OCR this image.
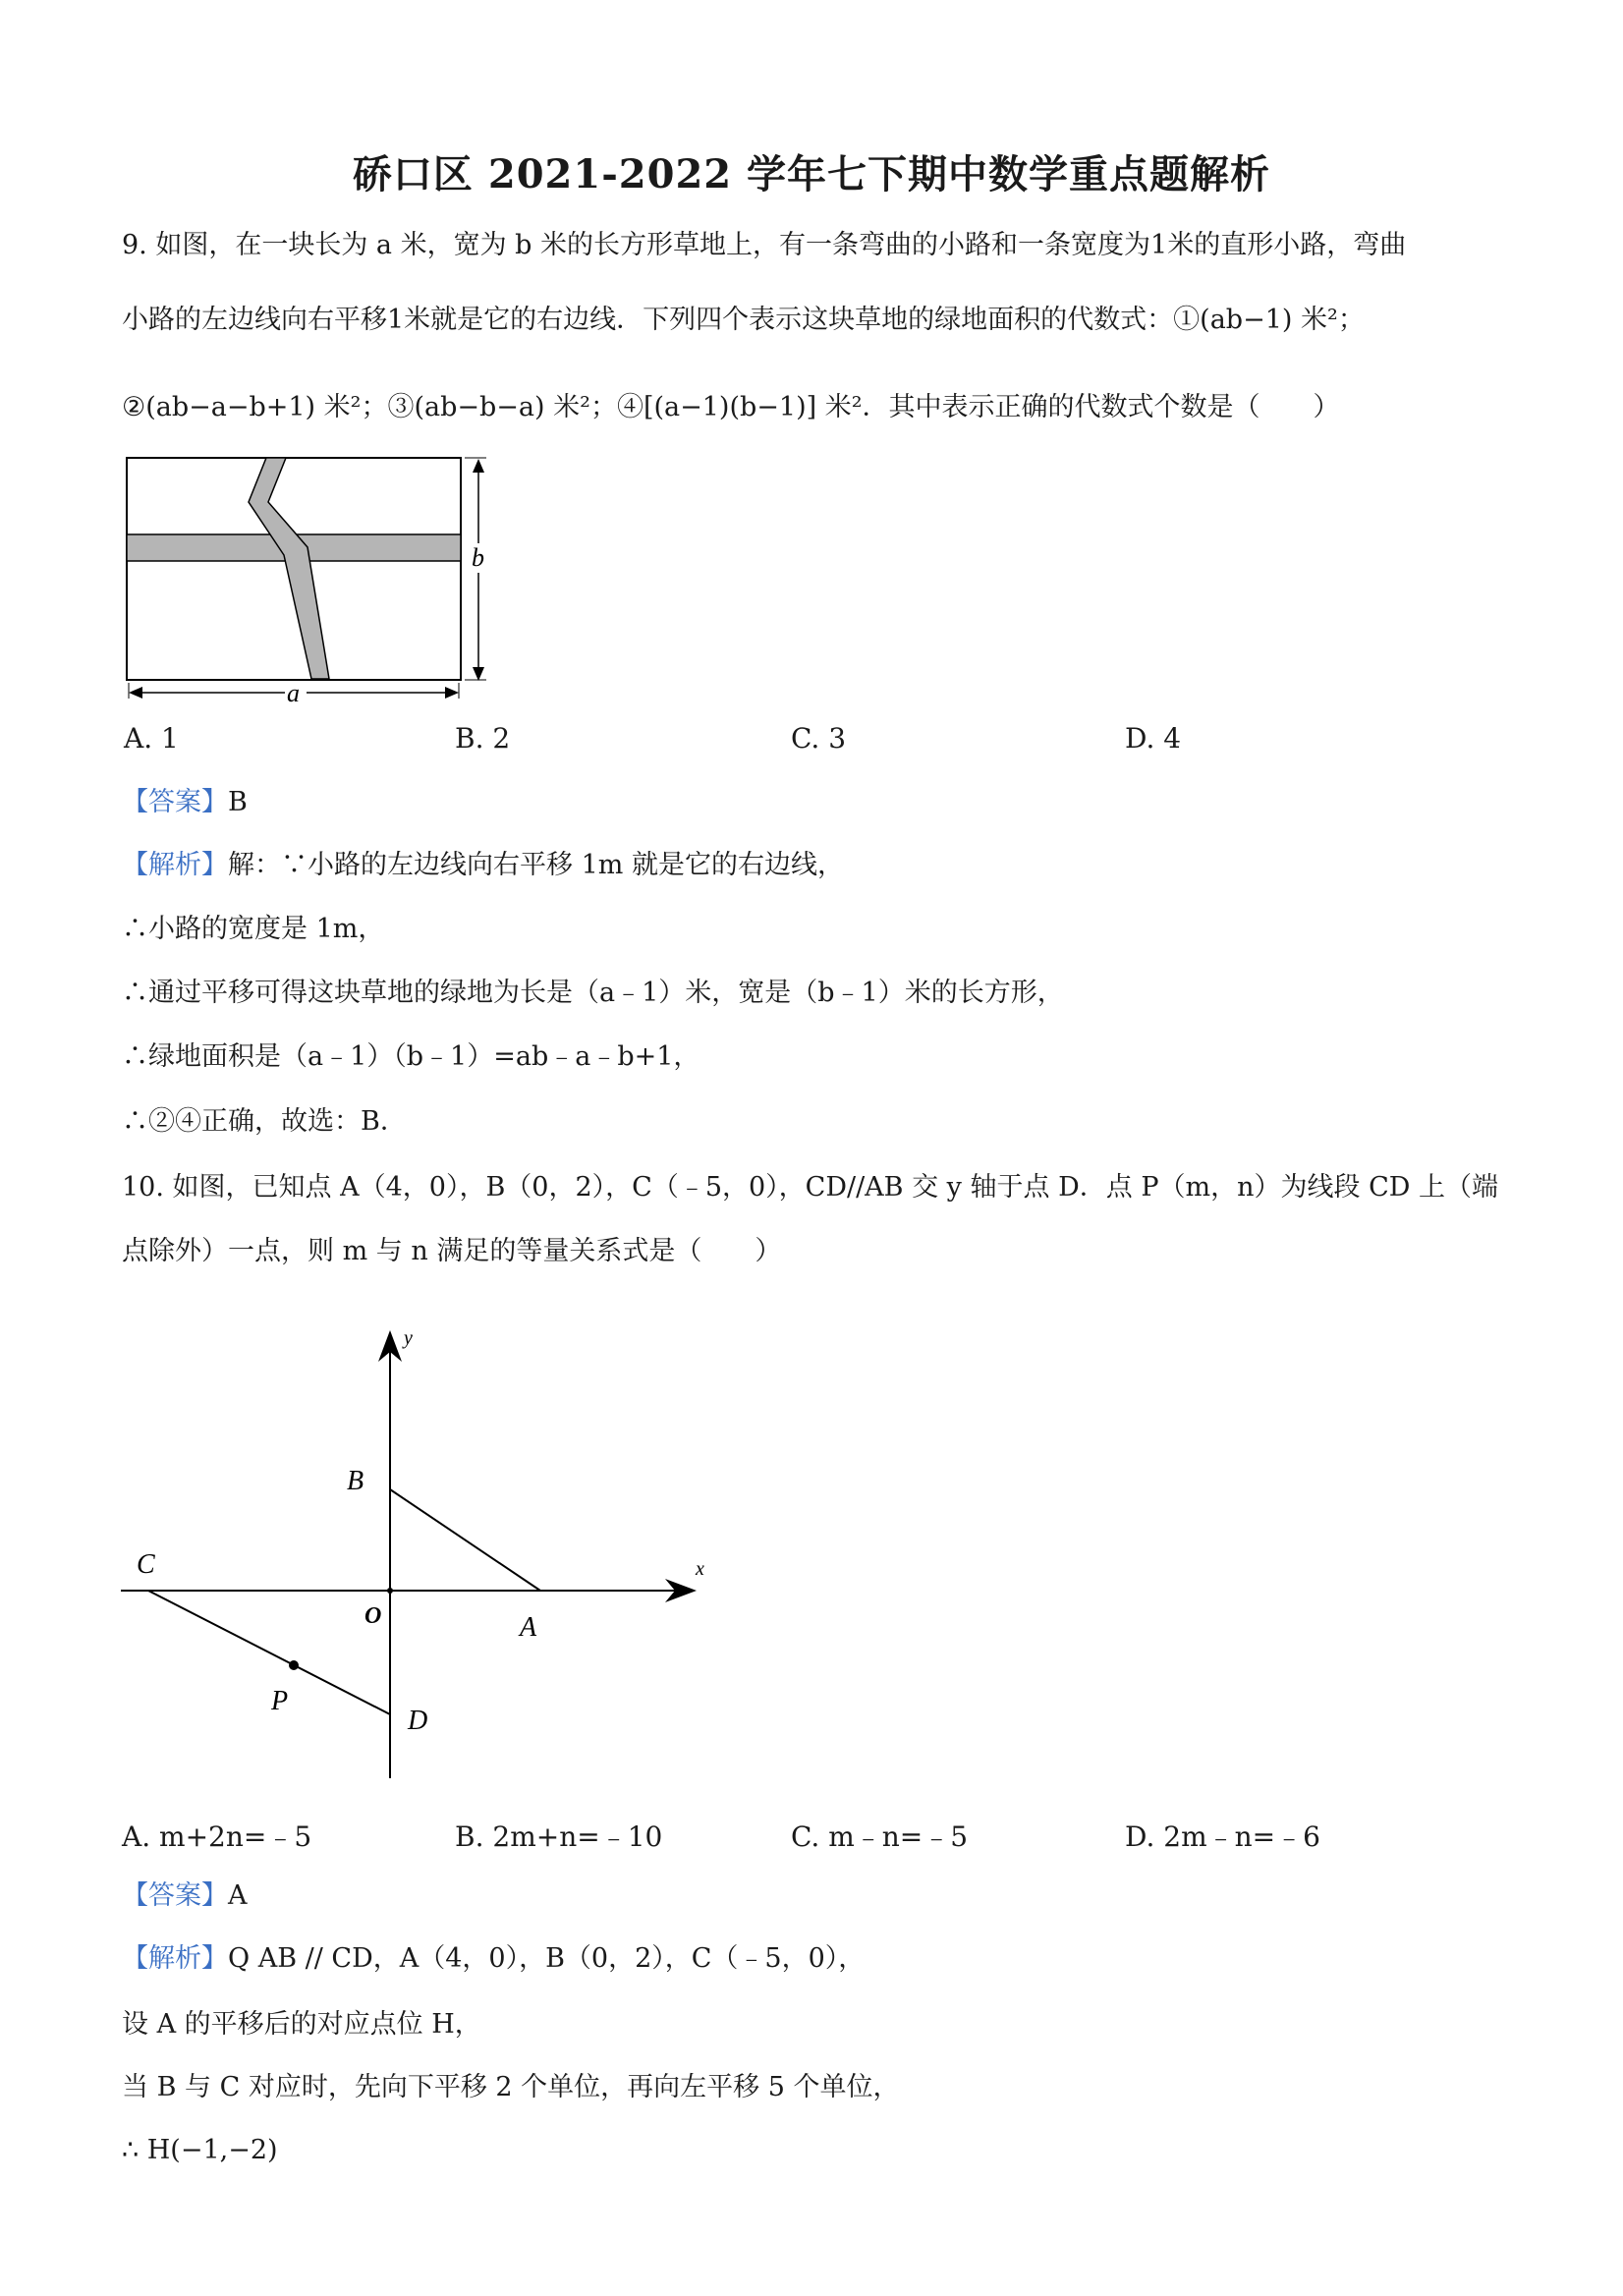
硚口区 2021-2022 学年七下期中数学重点题解析
9. 如图，在一块长为 a 米，宽为 b 米的长方形草地上，有一条弯曲的小路和一条宽度为1米的直形小路，弯曲
小路的左边线向右平移1米就是它的右边线．下列四个表示这块草地的绿地面积的代数式：①(ab−1) 米²；
②(ab−a−b+1) 米²；③(ab−b−a) 米²；④[(a−1)(b−1)] 米²．其中表示正确的代数式个数是（　　）
b
a
A. 1	B. 2	C. 3	D. 4
【答案】B
【解析】解：∵小路的左边线向右平移 1m 就是它的右边线，
∴小路的宽度是 1m，
∴通过平移可得这块草地的绿地为长是（a﹣1）米，宽是（b﹣1）米的长方形，
∴绿地面积是（a﹣1）（b﹣1）=ab﹣a﹣b+1，
∴②④正确，故选：B．
10. 如图，已知点 A（4，0），B（0，2），C（﹣5，0），CD//AB 交 y 轴于点 D．点 P（m，n）为线段 CD 上（端
点除外）一点，则 m 与 n 满足的等量关系式是（　　）
y
x
B
C
O	A
P
D
A. m+2n=﹣5	B. 2m+n=﹣10	C. m﹣n=﹣5	D. 2m﹣n=﹣6
【答案】A
【解析】Q AB // CD，A（4，0），B（0，2），C（﹣5，0），
设 A 的平移后的对应点位 H，
当 B 与 C 对应时，先向下平移 2 个单位，再向左平移 5 个单位，
∴ H(−1,−2)
